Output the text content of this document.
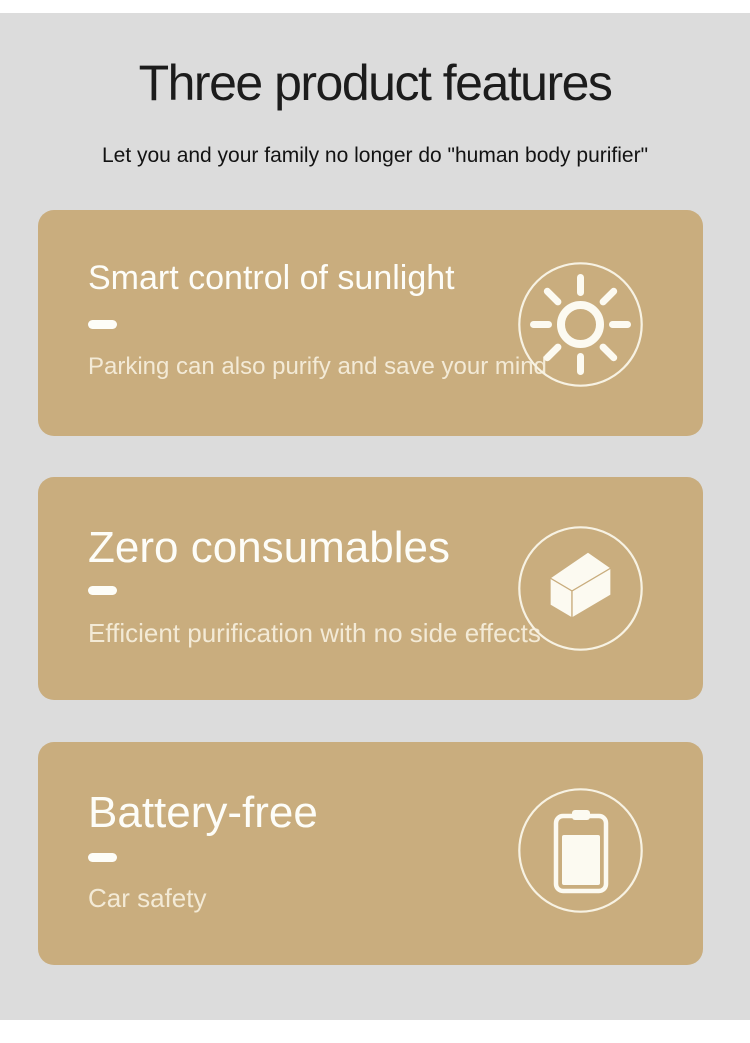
Three product features

Let you and your family no longer do "human body purifier"

Smart control of sunlight

Parking can also purify and save your mind

Zero consumables

Efficient purification with no side effects

Battery-free

Car safety
